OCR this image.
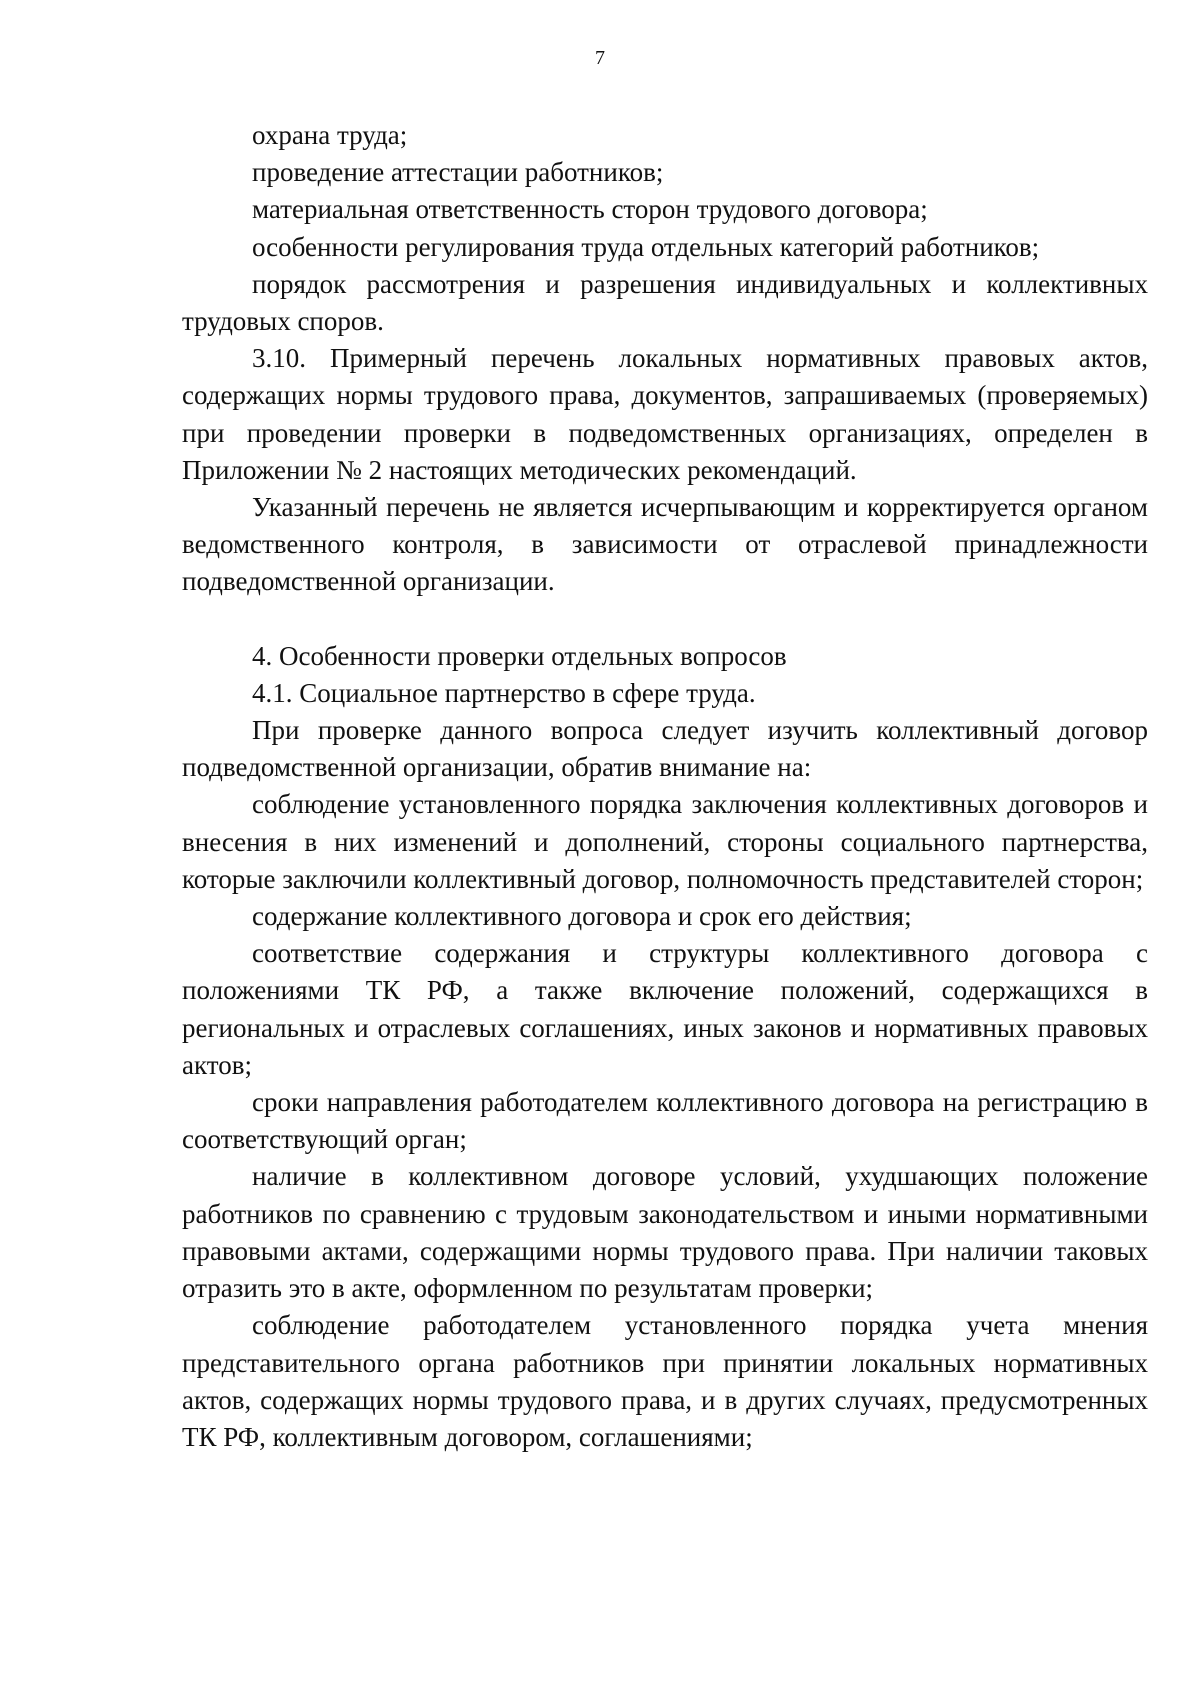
7

охрана труда;

проведение аттестации работников;

материальная ответственность сторон трудового договора;

особенности регулирования труда отдельных категорий работников;

порядок рассмотрения и разрешения индивидуальных и коллективных трудовых споров.

3.10. Примерный перечень локальных нормативных правовых актов, содержащих нормы трудового права, документов, запрашиваемых (проверяемых) при проведении проверки в подведомственных организациях, определен в Приложении № 2 настоящих методических рекомендаций.

Указанный перечень не является исчерпывающим и корректируется органом ведомственного контроля, в зависимости от отраслевой принадлежности подведомственной организации.

4. Особенности проверки отдельных вопросов

4.1. Социальное партнерство в сфере труда.

При проверке данного вопроса следует изучить коллективный договор подведомственной организации, обратив внимание на:

соблюдение установленного порядка заключения коллективных договоров и внесения в них изменений и дополнений, стороны социального партнерства, которые заключили коллективный договор, полномочность представителей сторон;

содержание коллективного договора и срок его действия;

соответствие содержания и структуры коллективного договора с положениями ТК РФ, а также включение положений, содержащихся в региональных и отраслевых соглашениях, иных законов и нормативных правовых актов;

сроки направления работодателем коллективного договора на регистрацию в соответствующий орган;

наличие в коллективном договоре условий, ухудшающих положение работников по сравнению с трудовым законодательством и иными нормативными правовыми актами, содержащими нормы трудового права. При наличии таковых отразить это в акте, оформленном по результатам проверки;

соблюдение работодателем установленного порядка учета мнения представительного органа работников при принятии локальных нормативных актов, содержащих нормы трудового права, и в других случаях, предусмотренных ТК РФ, коллективным договором, соглашениями;
